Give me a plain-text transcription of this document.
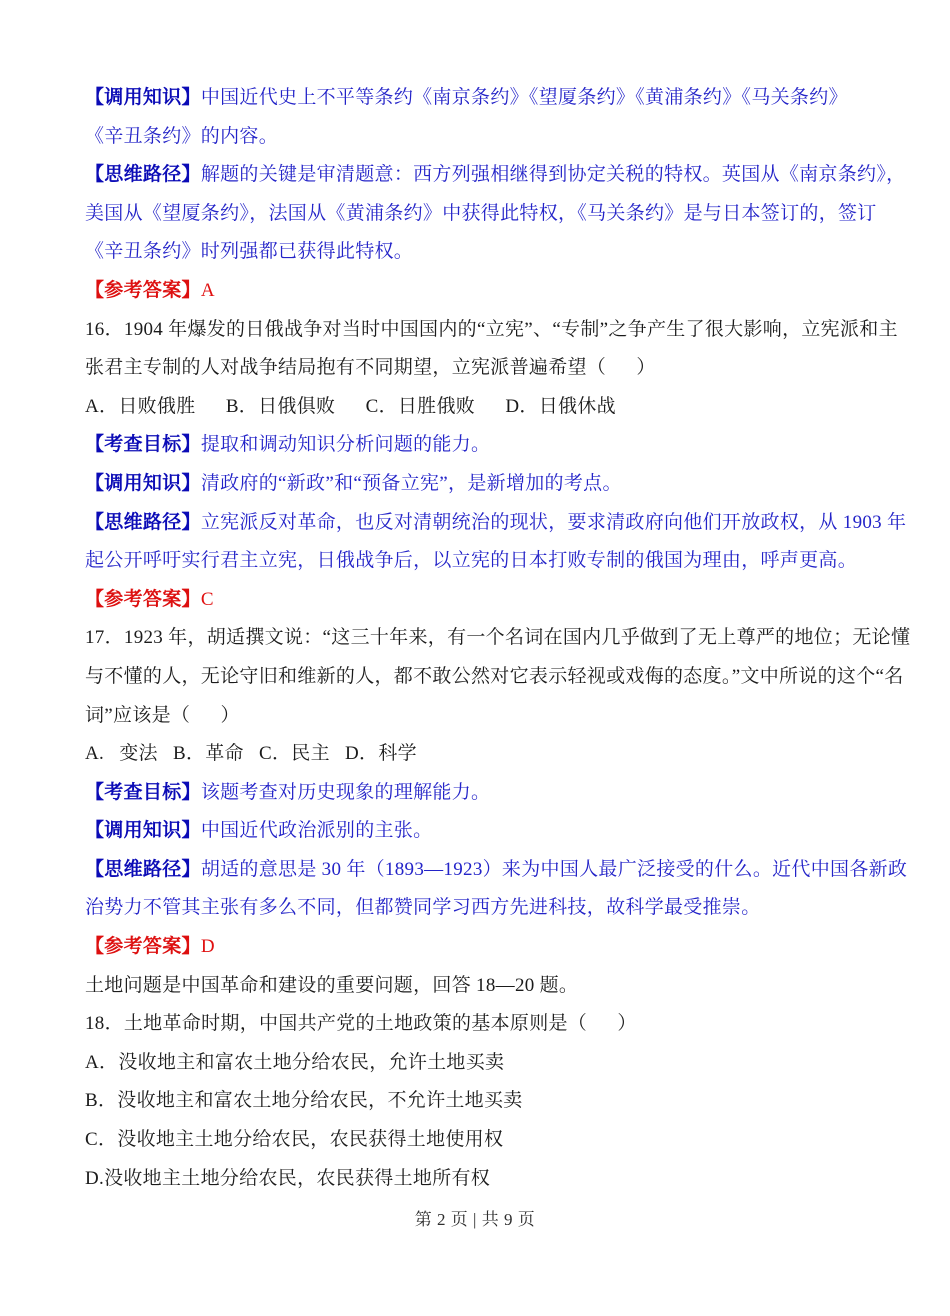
【调用知识】中国近代史上不平等条约《南京条约》《望厦条约》《黄浦条约》《马关条约》

《辛丑条约》的内容。

【思维路径】解题的关键是审清题意：西方列强相继得到协定关税的特权。英国从《南京条约》，

美国从《望厦条约》，法国从《黄浦条约》中获得此特权，《马关条约》是与日本签订的，签订

《辛丑条约》时列强都已获得此特权。

【参考答案】A

16．1904 年爆发的日俄战争对当时中国国内的“立宪”、“专制”之争产生了很大影响，立宪派和主

张君主专制的人对战争结局抱有不同期望，立宪派普遍希望（      ）

A．日败俄胜      B．日俄俱败      C．日胜俄败      D．日俄休战

【考查目标】提取和调动知识分析问题的能力。

【调用知识】清政府的“新政”和“预备立宪”，是新增加的考点。

【思维路径】立宪派反对革命，也反对清朝统治的现状，要求清政府向他们开放政权，从 1903 年

起公开呼吁实行君主立宪，日俄战争后，以立宪的日本打败专制的俄国为理由，呼声更高。

【参考答案】C

17．1923 年，胡适撰文说：“这三十年来，有一个名词在国内几乎做到了无上尊严的地位；无论懂

与不懂的人，无论守旧和维新的人，都不敢公然对它表示轻视或戏侮的态度。”文中所说的这个“名

词”应该是（      ）

A.   变法   B．革命   C．民主   D．科学

【考查目标】该题考查对历史现象的理解能力。

【调用知识】中国近代政治派别的主张。

【思维路径】胡适的意思是 30 年（1893—1923）来为中国人最广泛接受的什么。近代中国各新政

治势力不管其主张有多么不同，但都赞同学习西方先进科技，故科学最受推崇。

【参考答案】D

土地问题是中国革命和建设的重要问题，回答 18—20 题。

18．土地革命时期，中国共产党的土地政策的基本原则是（      ）

A．没收地主和富农土地分给农民，允许土地买卖

B．没收地主和富农土地分给农民，不允许土地买卖

C．没收地主土地分给农民，农民获得土地使用权

D.没收地主土地分给农民，农民获得土地所有权

第 2 页 | 共 9 页
